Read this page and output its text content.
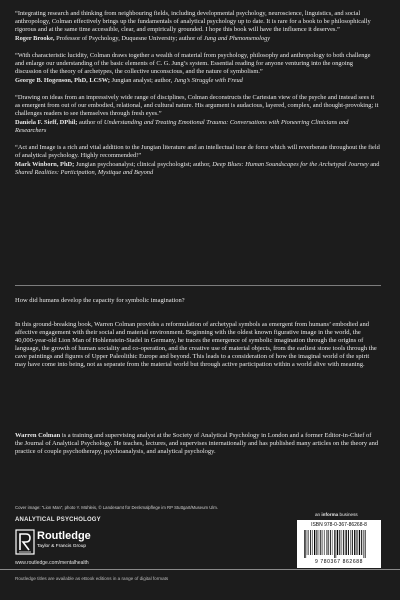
“Integrating research and thinking from neighbouring fields, including developmental psychology, neuroscience, linguistics, and social anthropology, Colman effectively brings up the fundamentals of analytical psychology up to date. It is rare for a book to be philosophically rigorous and at the same time accessible, clear, and empirically grounded. I hope this book will have the influence it deserves.”

Roger Brooke, Professor of Psychology, Duquesne University; author of Jung and Phenomenology

“With characteristic lucidity, Colman draws together a wealth of material from psychology, philosophy and anthropology to both challenge and enlarge our understanding of the basic elements of C. G. Jung’s system. Essential reading for anyone venturing into the ongoing discussion of the theory of archetypes, the collective unconscious, and the nature of symbolism.”

George B. Hogenson, PhD, LCSW; Jungian analyst; author, Jung’s Struggle with Freud

“Drawing on ideas from an impressively wide range of disciplines, Colman deconstructs the Cartesian view of the psyche and instead sees it as emergent from out of our embodied, relational, and cultural nature. His argument is audacious, layered, complex, and thought-provoking; it challenges readers to see themselves through fresh eyes.”

Daniela F. Sieff, DPhil; author of Understanding and Treating Emotional Trauma: Conversations with Pioneering Clinicians and Researchers

“Act and Image is a rich and vital addition to the Jungian literature and an intellectual tour de force which will reverberate throughout the field of analytical psychology. Highly recommended!”

Mark Winborn, PhD; Jungian psychoanalyst; clinical psychologist; author, Deep Blues: Human Soundscapes for the Archetypal Journey and Shared Realities: Participation, Mystique and Beyond

How did humans develop the capacity for symbolic imagination?

In this ground-breaking book, Warren Colman provides a reformulation of archetypal symbols as emergent from humans’ embodied and affective engagement with their social and material environment. Beginning with the oldest known figurative image in the world, the 40,000-year-old Lion Man of Hohlenstein-Stadel in Germany, he traces the emergence of symbolic imagination through the origins of language, the growth of human sociality and co-operation, and the creative use of material objects, from the earliest stone tools through the cave paintings and figures of Upper Paleolithic Europe and beyond. This leads to a consideration of how the imaginal world of the spirit may have come into being, not as separate from the material world but through active participation within a world alive with meaning.

Warren Colman is a training and supervising analyst at the Society of Analytical Psychology in London and a former Editor-in-Chief of the Journal of Analytical Psychology. He teaches, lectures, and supervises internationally and has published many articles on the theory and practice of couple psychotherapy, psychoanalysis, and analytical psychology.

Cover image: “Lion Man”, photo Y. Mühleis, © Landesamt für Denkmalpflege im RP Stuttgart/Museum Ulm.
ANALYTICAL PSYCHOLOGY
Routledge
Taylor & Francis Group
www.routledge.com/mentalhealth
an informa business
ISBN 978-0-367-86268-8
9 780367 862688
Routledge titles are available as eBook editions in a range of digital formats
